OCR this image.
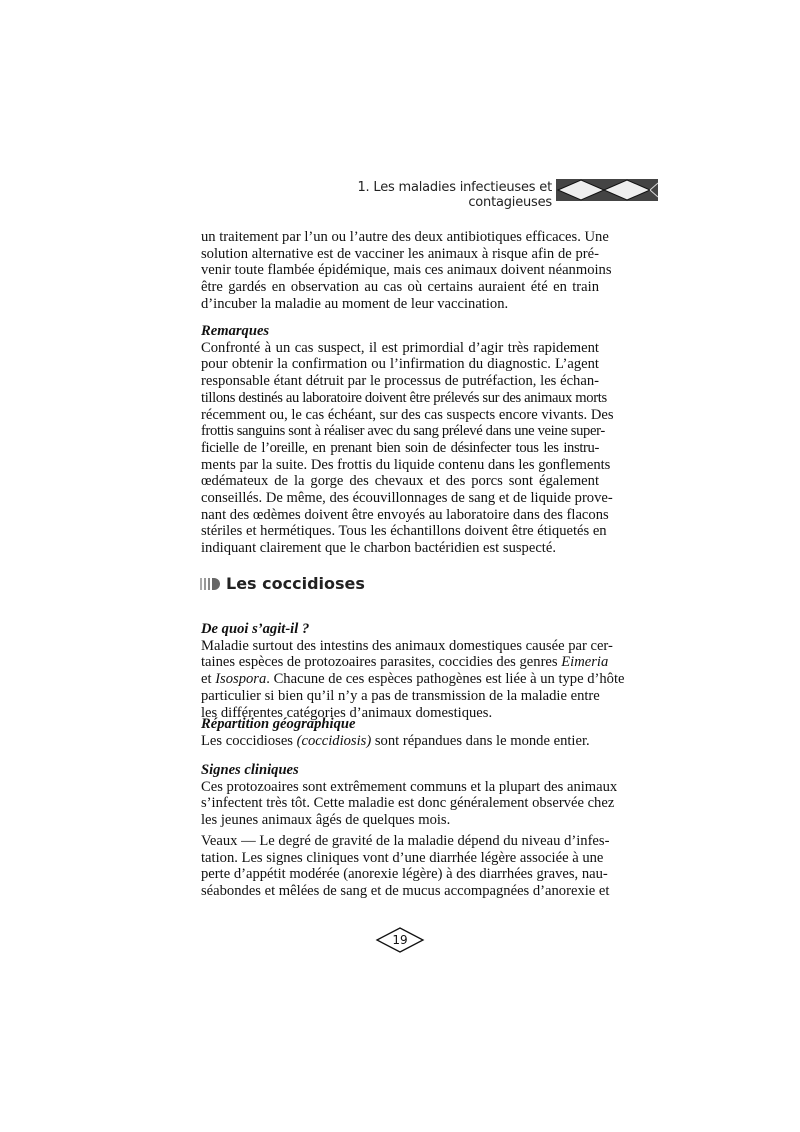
1. Les maladies infectieuses et contagieuses
un traitement par l’un ou l’autre des deux antibiotiques efficaces. Une
solution alternative est de vacciner les animaux à risque afin de pré-
venir toute flambée épidémique, mais ces animaux doivent néanmoins
être gardés en observation au cas où certains auraient été en train
d’incuber la maladie au moment de leur vaccination.
Remarques
Confronté à un cas suspect, il est primordial d’agir très rapidement
pour obtenir la confirmation ou l’infirmation du diagnostic. L’agent
responsable étant détruit par le processus de putréfaction, les échan-
tillons destinés au laboratoire doivent être prélevés sur des animaux morts
récemment ou, le cas échéant, sur des cas suspects encore vivants. Des
frottis sanguins sont à réaliser avec du sang prélevé dans une veine super-
ficielle de l’oreille, en prenant bien soin de désinfecter tous les instru-
ments par la suite. Des frottis du liquide contenu dans les gonflements
œdémateux de la gorge des chevaux et des porcs sont également
conseillés. De même, des écouvillonnages de sang et de liquide prove-
nant des œdèmes doivent être envoyés au laboratoire dans des flacons
stériles et hermétiques. Tous les échantillons doivent être étiquetés en
indiquant clairement que le charbon bactéridien est suspecté.
Les coccidioses
De quoi s’agit-il ?
Maladie surtout des intestins des animaux domestiques causée par cer-
taines espèces de protozoaires parasites, coccidies des genres Eimeria
et Isospora. Chacune de ces espèces pathogènes est liée à un type d’hôte
particulier si bien qu’il n’y a pas de transmission de la maladie entre
les différentes catégories d’animaux domestiques.
Répartition géographique
Les coccidioses (coccidiosis) sont répandues dans le monde entier.
Signes cliniques
Ces protozoaires sont extrêmement communs et la plupart des animaux
s’infectent très tôt. Cette maladie est donc généralement observée chez
les jeunes animaux âgés de quelques mois.
Veaux — Le degré de gravité de la maladie dépend du niveau d’infes-
tation. Les signes cliniques vont d’une diarrhée légère associée à une
perte d’appétit modérée (anorexie légère) à des diarrhées graves, nau-
séabondes et mêlées de sang et de mucus accompagnées d’anorexie et
19
